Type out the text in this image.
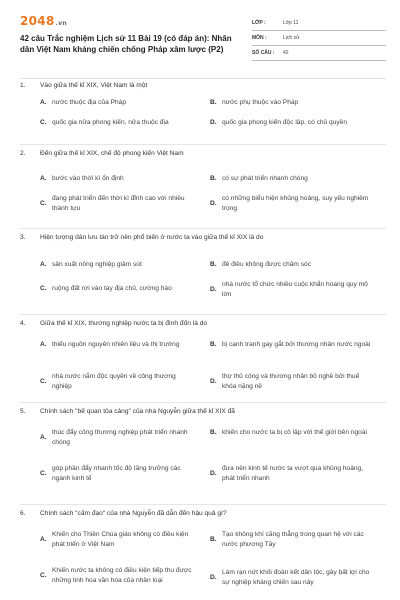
2048.vn
42 câu Trắc nghiệm Lịch sử 11 Bài 19 (có đáp án): Nhân dân Việt Nam kháng chiến chống Pháp xâm lược (P2)
LỚP :	Lớp 11
MÔN :	Lịch sử
SỐ CÂU :	42
1.	Vào giữa thế kỉ XIX, Việt Nam là một
A. nước thuộc địa của Pháp	B. nước phụ thuộc vào Pháp
C. quốc gia nửa phong kiến, nửa thuộc địa	D. quốc gia phong kiến độc lập, có chủ quyền
2.	Đến giữa thế kỉ XIX, chế độ phong kiến Việt Nam
A. bước vào thời kì ổn định	B. có sự phát triển nhanh chóng
C.
đang phát triển đến thời kì đỉnh cao với nhiều thành tựu
D.
có những biểu hiện khủng hoảng, suy yếu nghiêm trọng
3.	Hiện tượng dân lưu tán trở nên phổ biến ở nước ta vào giữa thế kỉ XIX là do
A. sản xuất nông nghiệp giảm sút	B. đê điều không được chăm sóc
C. ruộng đất rơi vào tay địa chủ, cường hào	D.
nhà nước tổ chức nhiều cuộc khẩn hoang quy mô lớn
4.	Giữa thế kỉ XIX, thương nghiệp nước ta bị đình đốn là do
A. thiếu nguồn nguyên nhiên liệu và thị trường	B. bị cạnh tranh gay gắt bởi thương nhân nước ngoài
C.
nhà nước nắm độc quyền về công thương nghiệp
D.
thợ thủ công và thương nhân bỏ nghề bởi thuế khóa nặng nề
5.	Chính sách "bế quan tỏa cảng" của nhà Nguyễn giữa thế kỉ XIX đã
A.
thúc đẩy công thương nghiệp phát triển nhanh chóng
B. khiến cho nước ta bị cô lập với thế giới bên ngoài
C.
góp phần đẩy nhanh tốc độ tăng trưởng các ngành kinh tế
D.
đưa nền kinh tế nước ta vượt qua khủng hoảng, phát triển nhanh
6.	Chính sách "cấm đạo" của nhà Nguyễn đã dẫn đến hậu quả gì?
A.
Khiến cho Thiên Chúa giáo không có điều kiện phát triển ở Việt Nam
B.
Tạo không khí căng thẳng trong quan hệ với các nước phương Tây
C.
Khiến nước ta không có điều kiện tiếp thu được những tinh hoa văn hóa của nhân loại	D.
Làm rạn nứt khối đoàn kết dân tộc, gây bất lợi cho sự nghiệp kháng chiến sau này
